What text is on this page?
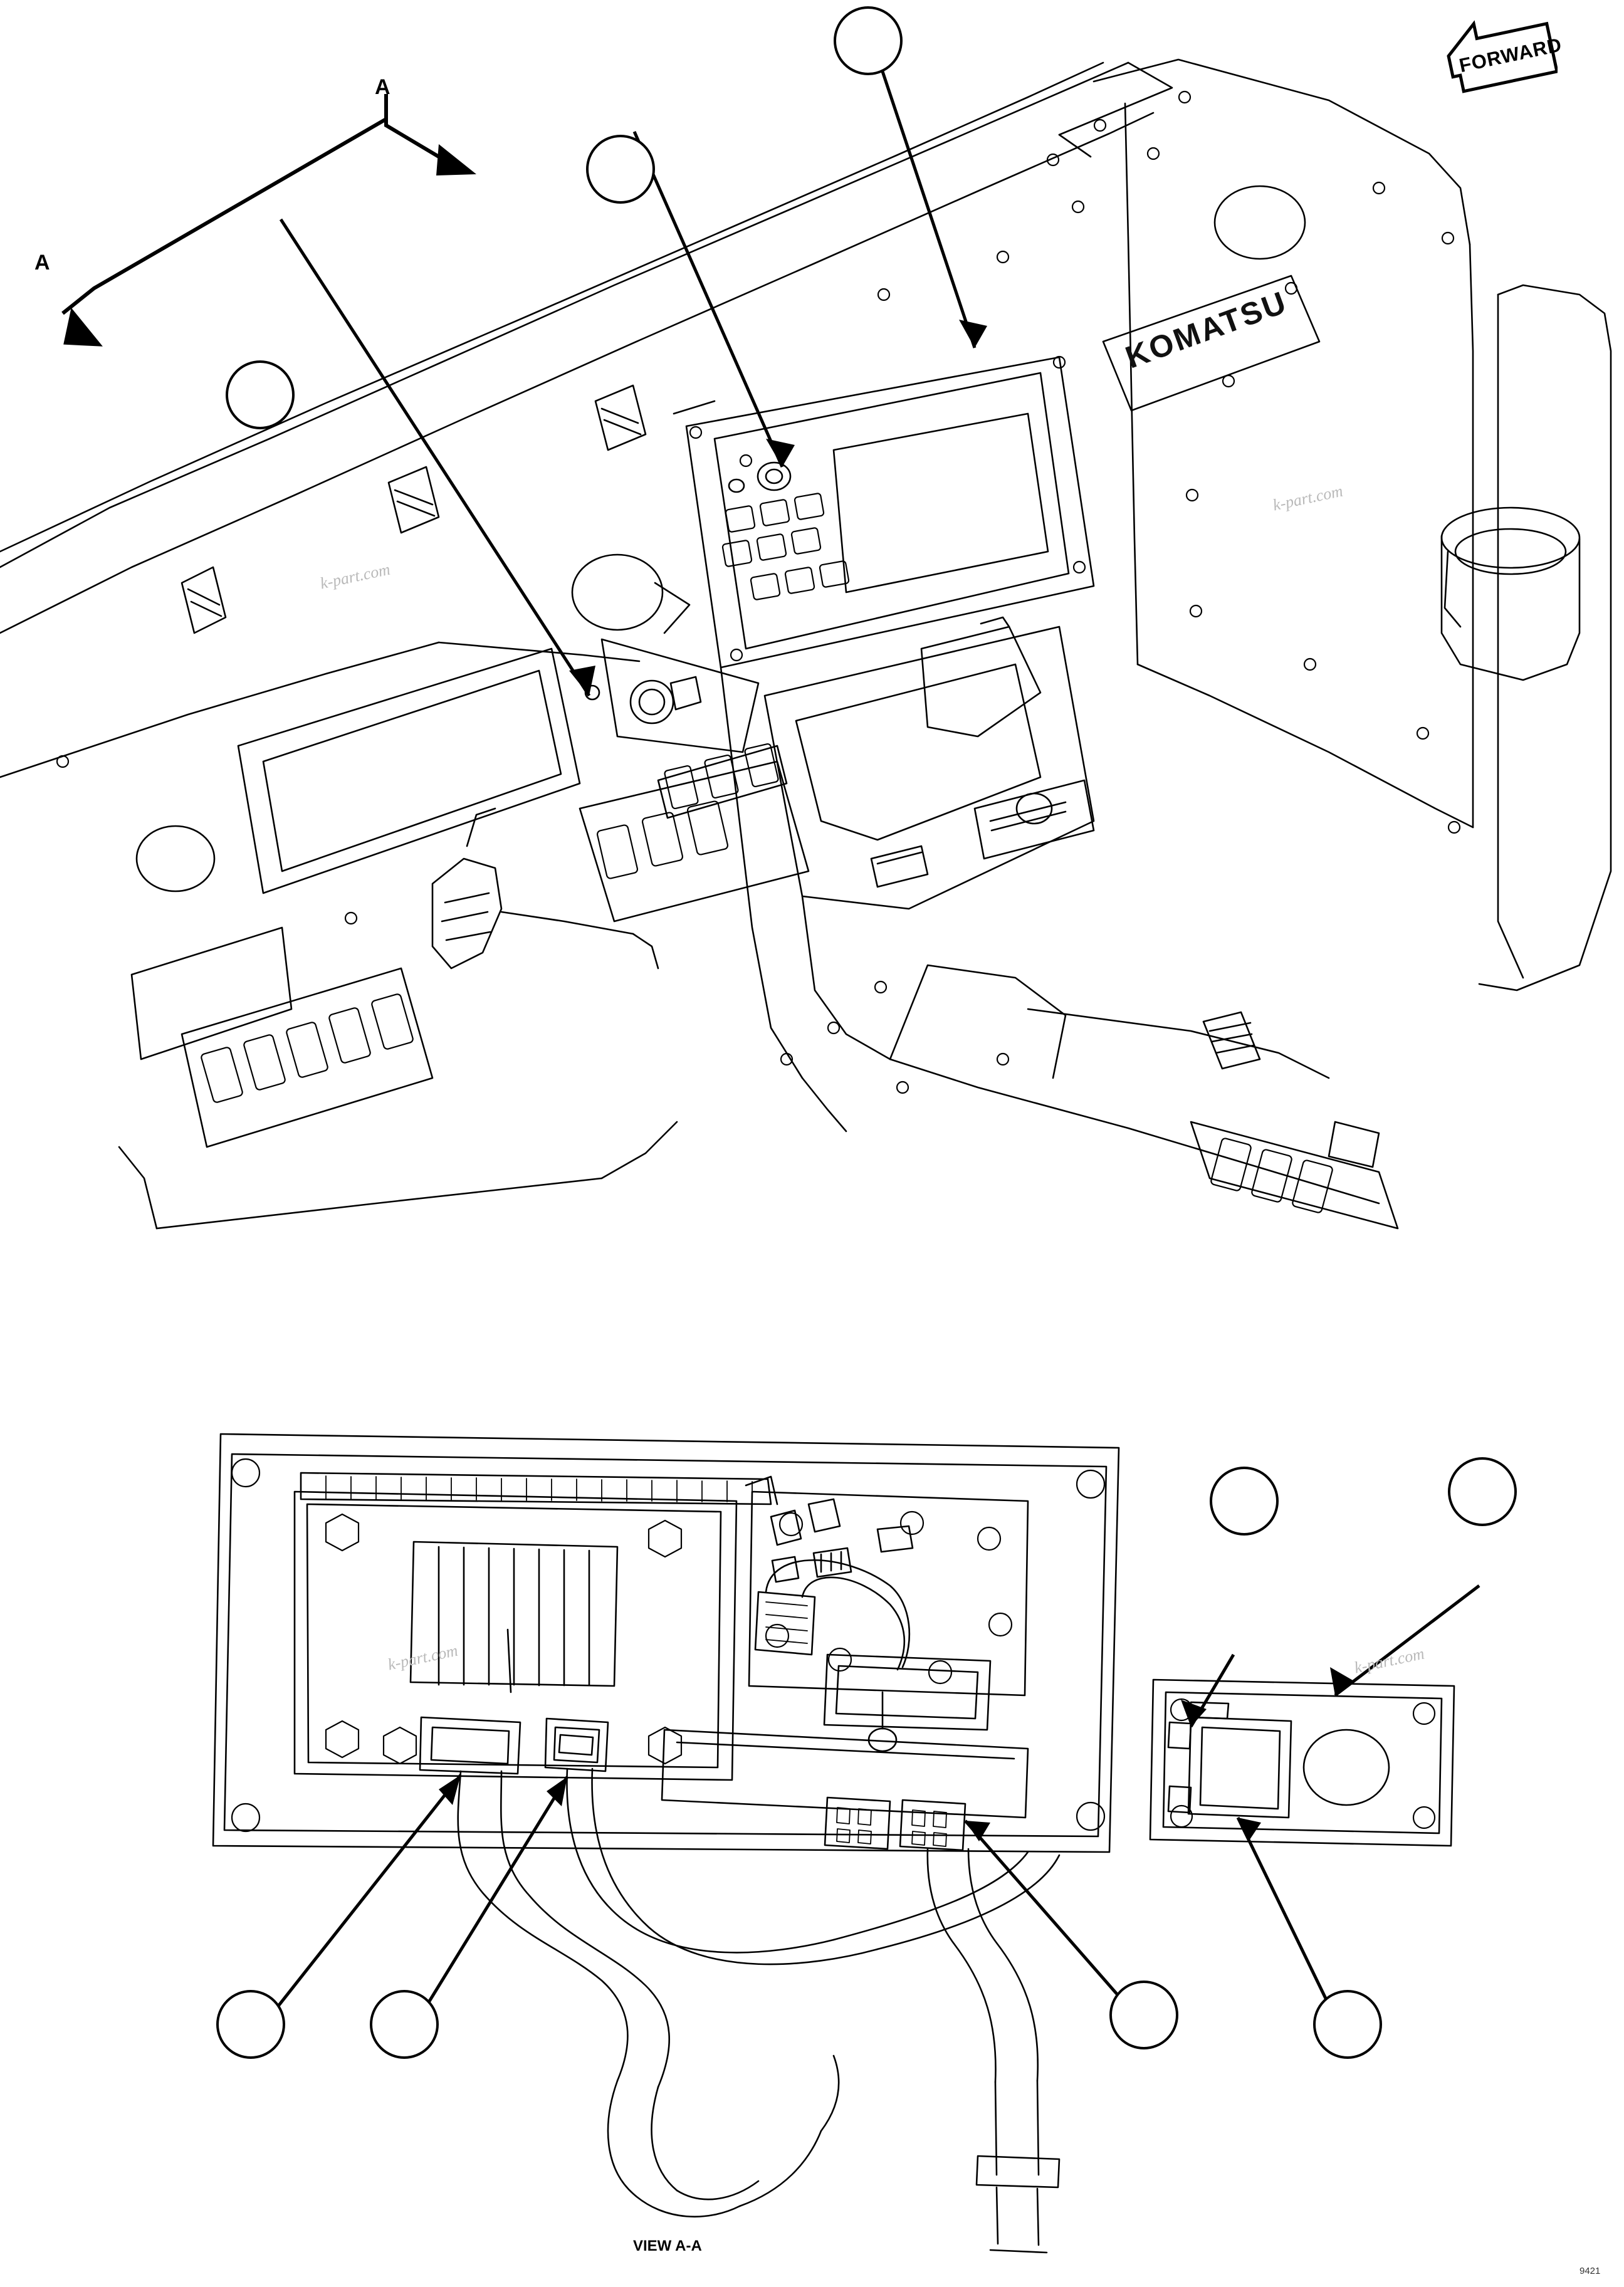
A
A
FORWARD
KOMATSU
k-part.com
k-part.com
k-part.com	k-part.com
VIEW A-A
9421
